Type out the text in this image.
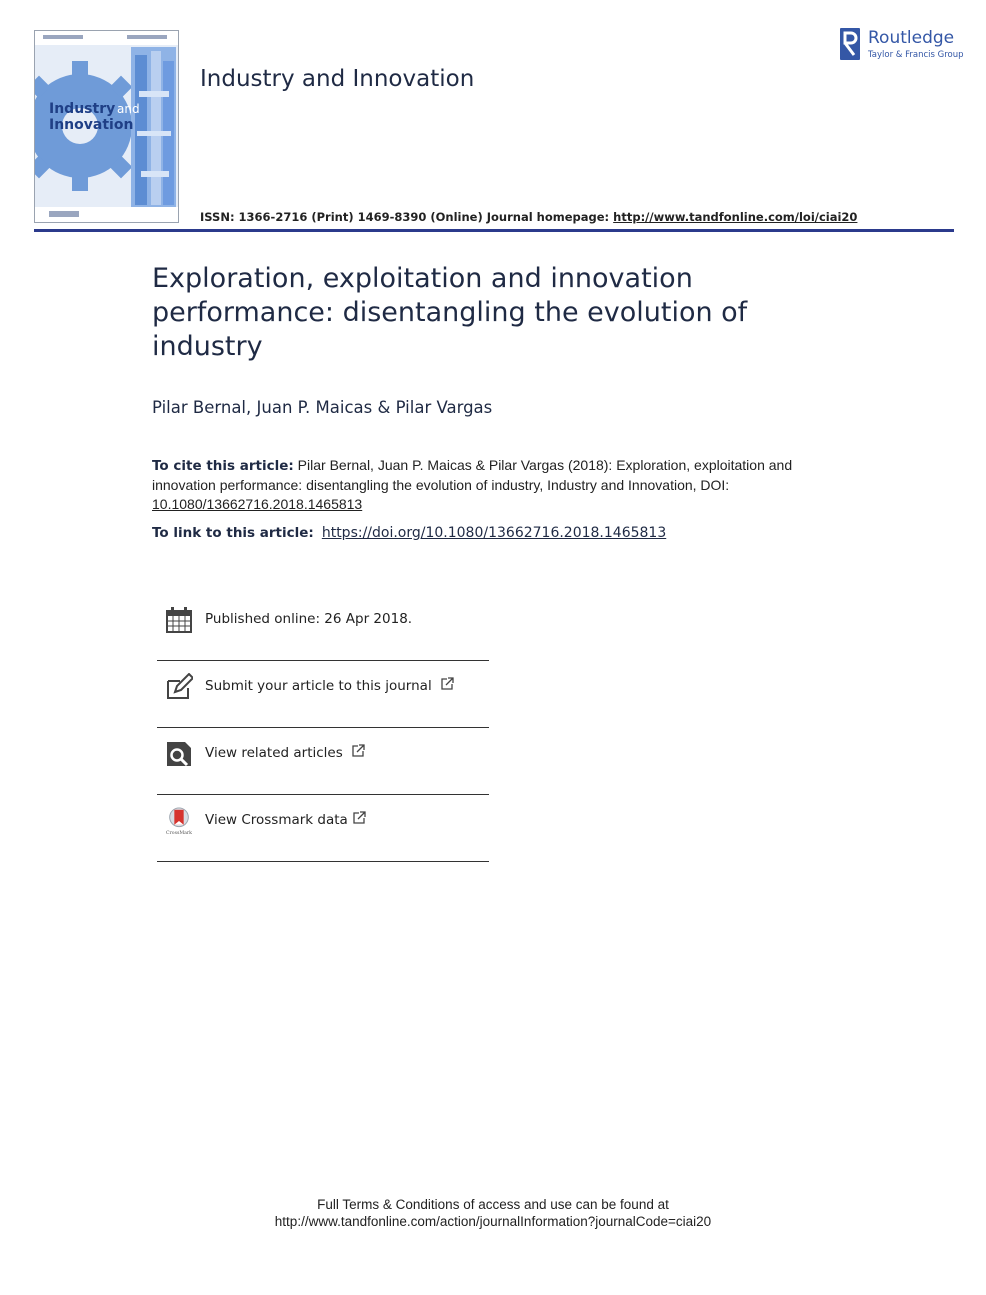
Industry and
Innovation
Industry and Innovation
Routledge
Taylor & Francis Group
ISSN: 1366-2716 (Print) 1469-8390 (Online) Journal homepage: http://www.tandfonline.com/loi/ciai20
Exploration, exploitation and innovation performance: disentangling the evolution of industry
Pilar Bernal, Juan P. Maicas & Pilar Vargas
To cite this article: Pilar Bernal, Juan P. Maicas & Pilar Vargas (2018): Exploration, exploitation and innovation performance: disentangling the evolution of industry, Industry and Innovation, DOI: 10.1080/13662716.2018.1465813
To link to this article: https://doi.org/10.1080/13662716.2018.1465813
Published online: 26 Apr 2018.
Submit your article to this journal
View related articles
CrossMark
View Crossmark data
Full Terms & Conditions of access and use can be found at
http://www.tandfonline.com/action/journalInformation?journalCode=ciai20
